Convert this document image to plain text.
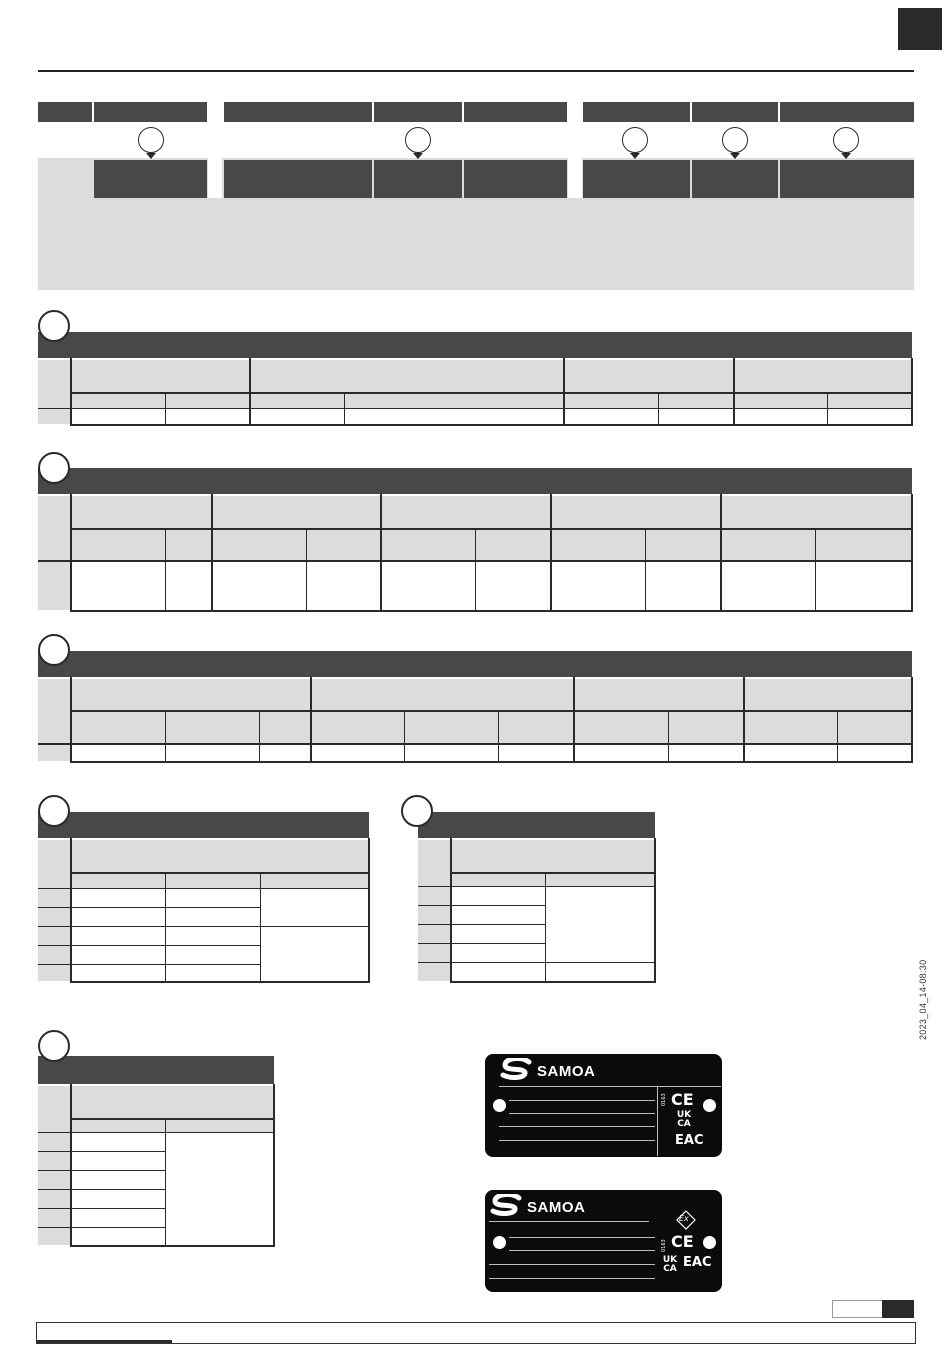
2023_04_14-08:30
SAMOA
0163 CE
UK
CA
EAC
SAMOA
Ex
0163 CE
UK
CA EAC
